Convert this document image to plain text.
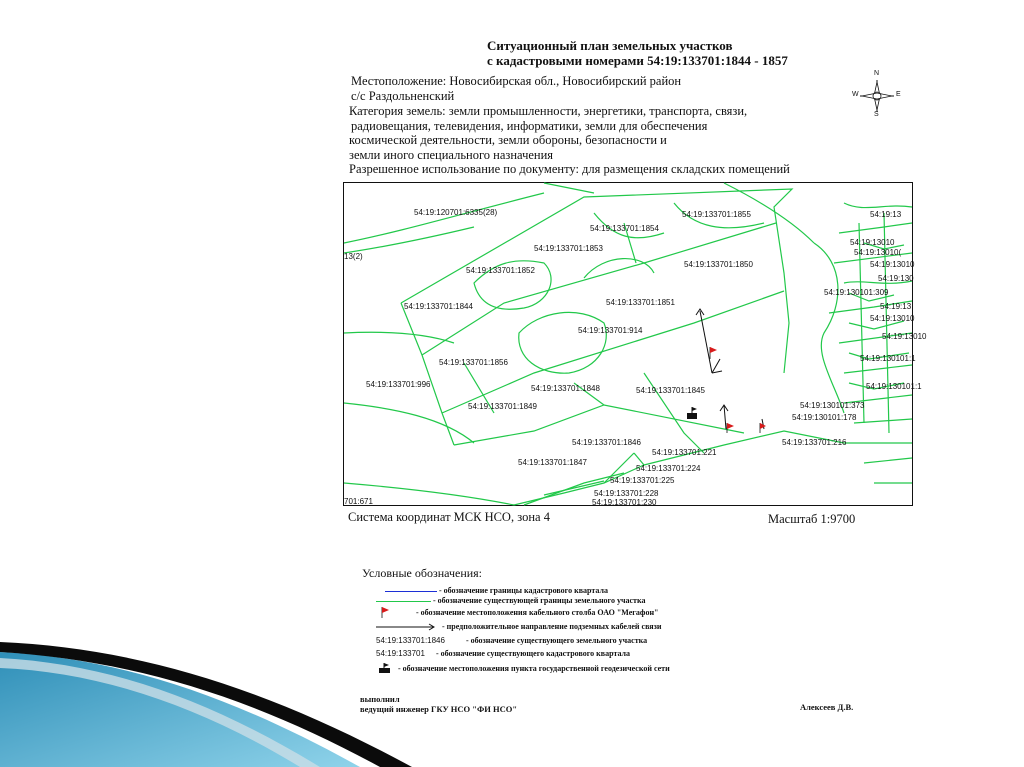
Ситуационный план земельных участков
с кадастровыми номерами 54:19:133701:1844 - 1857
N
S
W	E
Местоположение: Новосибирская обл., Новосибирский район
с/с Раздольненский
Категория земель: земли промышленности, энергетики, транспорта, связи,
радиовещания, телевидения, информатики, земли для обеспечения
космической деятельности, земли обороны, безопасности и
земли иного специального назначения
Разрешенное использование по документу: для размещения складских помещений
54:19:120701:6335(28)	54:19:133701:1855
54:19:133701:1854
54:19:133701:1853
54:19:133701:1850
54:19:133701:1852
54:19:133701:1851
54:19:133701:1844
54:19:133701:914
54:19:133701:1856
54:19:133701:996	54:19:133701:1848	54:19:133701:1845
54:19:133701:1849
54:19:133701:1846
54:19:133701:221
54:19:133701:1847
54:19:133701:224
54:19:133701:225
54:19:133701:228
54:19:133701:230
54:19:133701:216
54:19:130101:373
54:19:130101:178
54:19:130101:309
54:19:13
54:19:13010
54:19:13010(
54:19:13010
54:19:130
54:19:13
54:19:13010
54:19:13010
54:19:130101:1
54:19:130101:1
13(2)
701:671
Система координат МСК НСО, зона 4	Масштаб 1:9700
Условные обозначения:
- обозначение границы кадастрового квартала
- обозначение существующей границы земельного участка
- обозначение местоположения кабельного столба ОАО "Мегафон"
- предположительное направление подземных кабелей связи
54:19:133701:1846	- обозначение существующего земельного участка
54:19:133701 - обозначение существующего кадастрового квартала
- обозначение местоположения пункта государственной геодезической сети
выполнил
ведущий инженер ГКУ НСО "ФИ НСО"	Алексеев Д.В.
